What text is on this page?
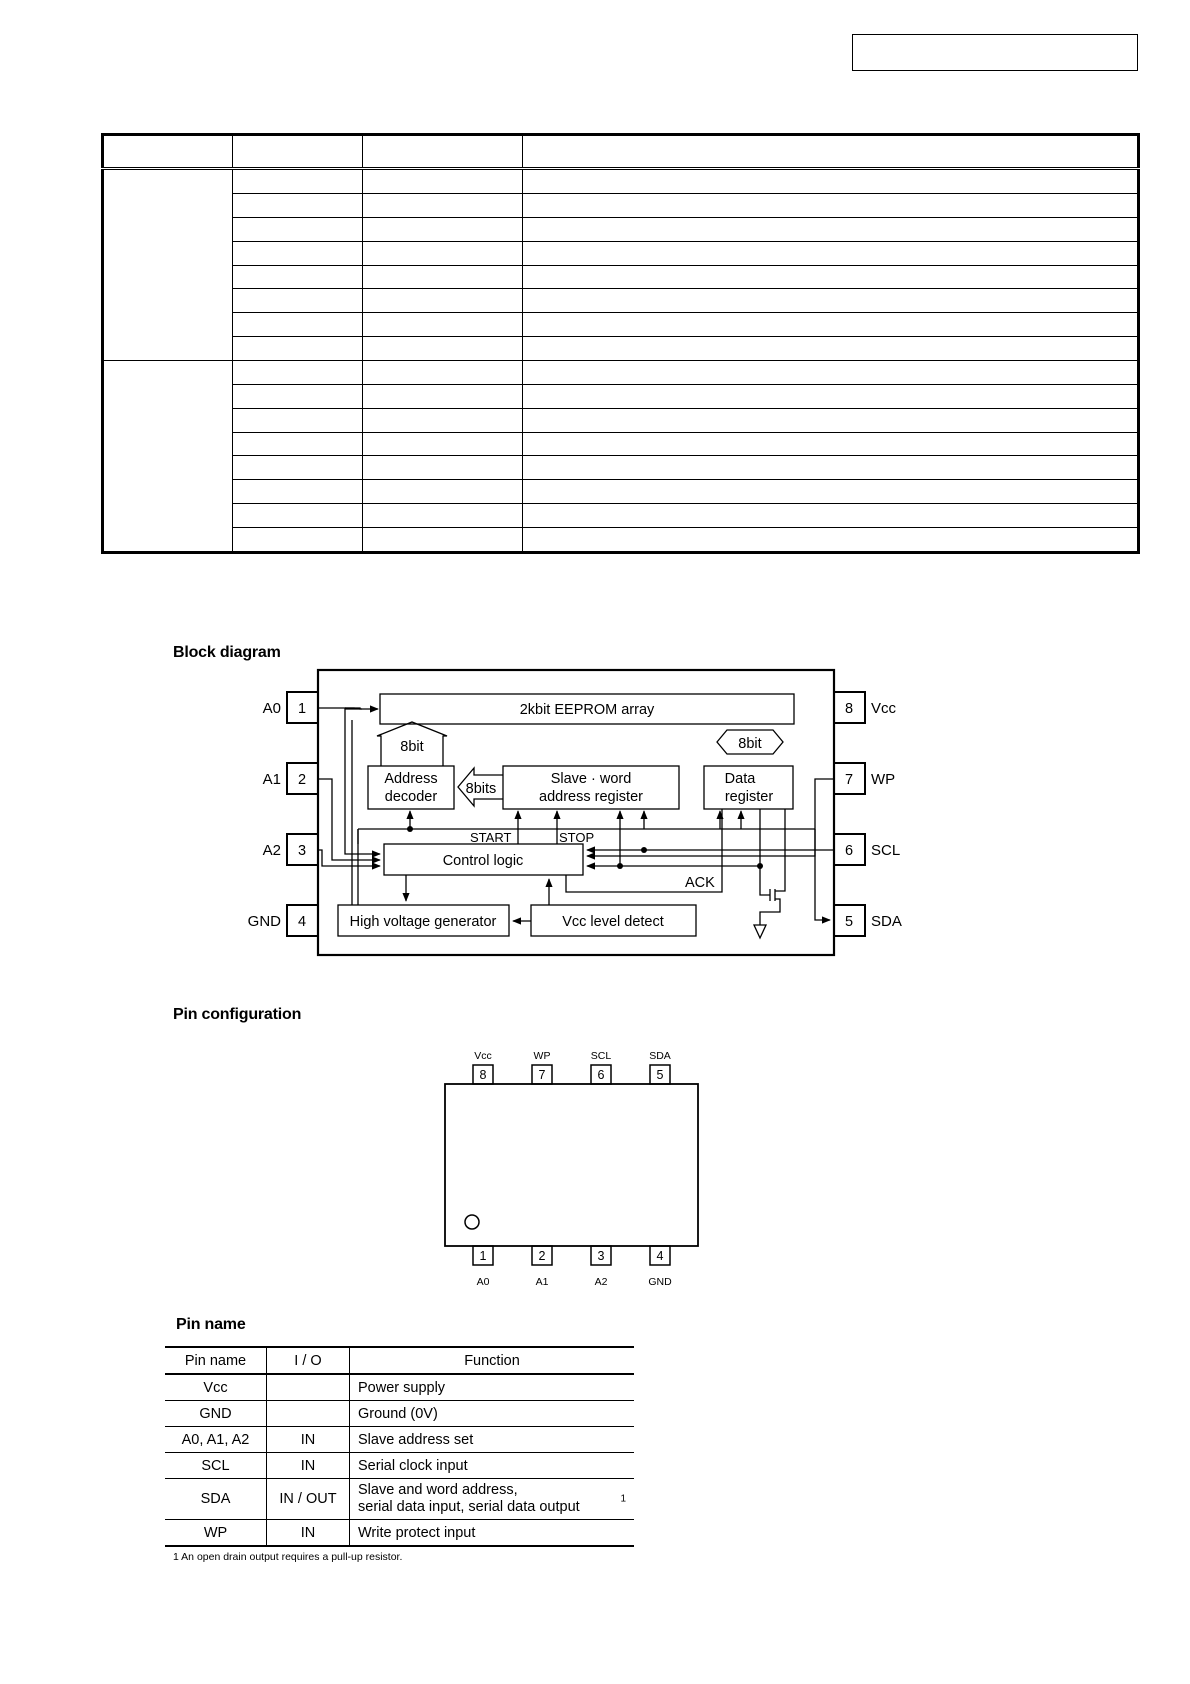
Block diagram
2kbit EEPROM array
8bit	8bit
Address
decoder 8bits
Slave · word
address register
Data
register
Control logic
High voltage generator	Vcc level detect
START	STOP
ACK
1
2
3
4
8
7
6
5
A0
A1
A2
GND
Vcc
WP
SCL
SDA
Pin configuration
8	7	6	5
1	2	3	4
Vcc	WP	SCL	SDA
A0	A1	A2	GND
Pin name
Pin name	I / O	Function
Vcc		Power supply
GND		Ground (0V)
A0, A1, A2	IN	Slave address set
SCL	IN	Serial clock input
SDA	IN / OUT	Slave and word address,
serial data input, serial data output 1

WP	IN	Write protect input
1 An open drain output requires a pull-up resistor.
